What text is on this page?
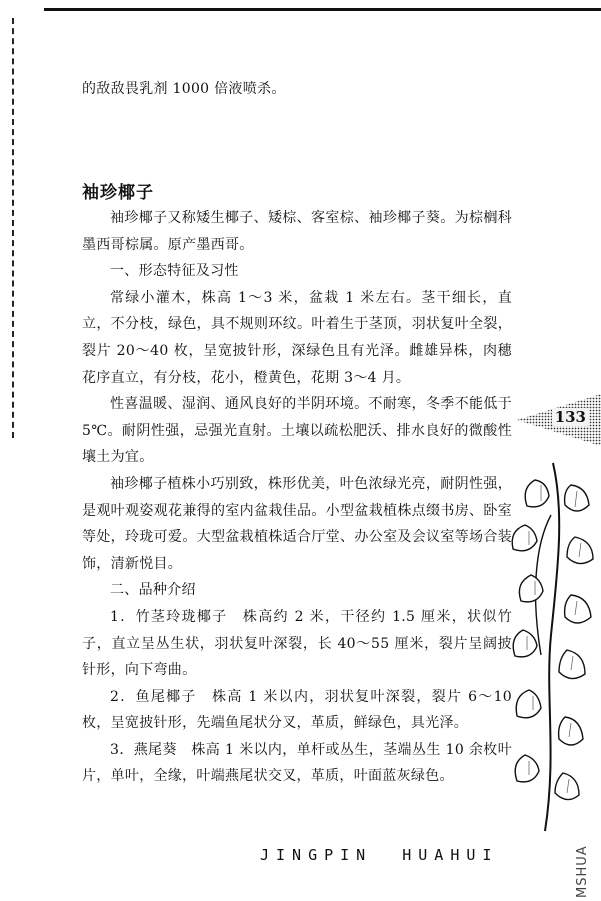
的敌敌畏乳剂 1000 倍液喷杀。
袖珍椰子

袖珍椰子又称矮生椰子、矮棕、客室棕、袖珍椰子葵。为棕榈科墨西哥棕属。原产墨西哥。

一、形态特征及习性

常绿小灌木，株高 1～3 米，盆栽 1 米左右。茎干细长，直立，不分枝，绿色，具不规则环纹。叶着生于茎顶，羽状复叶全裂，裂片 20～40 枚，呈宽披针形，深绿色且有光泽。雌雄异株，肉穗花序直立，有分枝，花小，橙黄色，花期 3～4 月。

性喜温暖、湿润、通风良好的半阴环境。不耐寒，冬季不能低于 5℃。耐阴性强，忌强光直射。土壤以疏松肥沃、排水良好的微酸性壤土为宜。

袖珍椰子植株小巧别致，株形优美，叶色浓绿光亮，耐阴性强，是观叶观姿观花兼得的室内盆栽佳品。小型盆栽植株点缀书房、卧室等处，玲珑可爱。大型盆栽植株适合厅堂、办公室及会议室等场合装饰，清新悦目。

二、品种介绍

1．竹茎玲珑椰子　株高约 2 米，干径约 1.5 厘米，状似竹子，直立呈丛生状，羽状复叶深裂，长 40～55 厘米，裂片呈阔披针形，向下弯曲。

2．鱼尾椰子　株高 1 米以内，羽状复叶深裂，裂片 6～10 枚，呈宽披针形，先端鱼尾状分叉，革质，鲜绿色，具光泽。

3．燕尾葵　株高 1 米以内，单杆或丛生，茎端丛生 10 余枚叶片，单叶，全缘，叶端燕尾状交叉，革质，叶面蓝灰绿色。

133
JINGPIN HUAHUI	MSHUA
